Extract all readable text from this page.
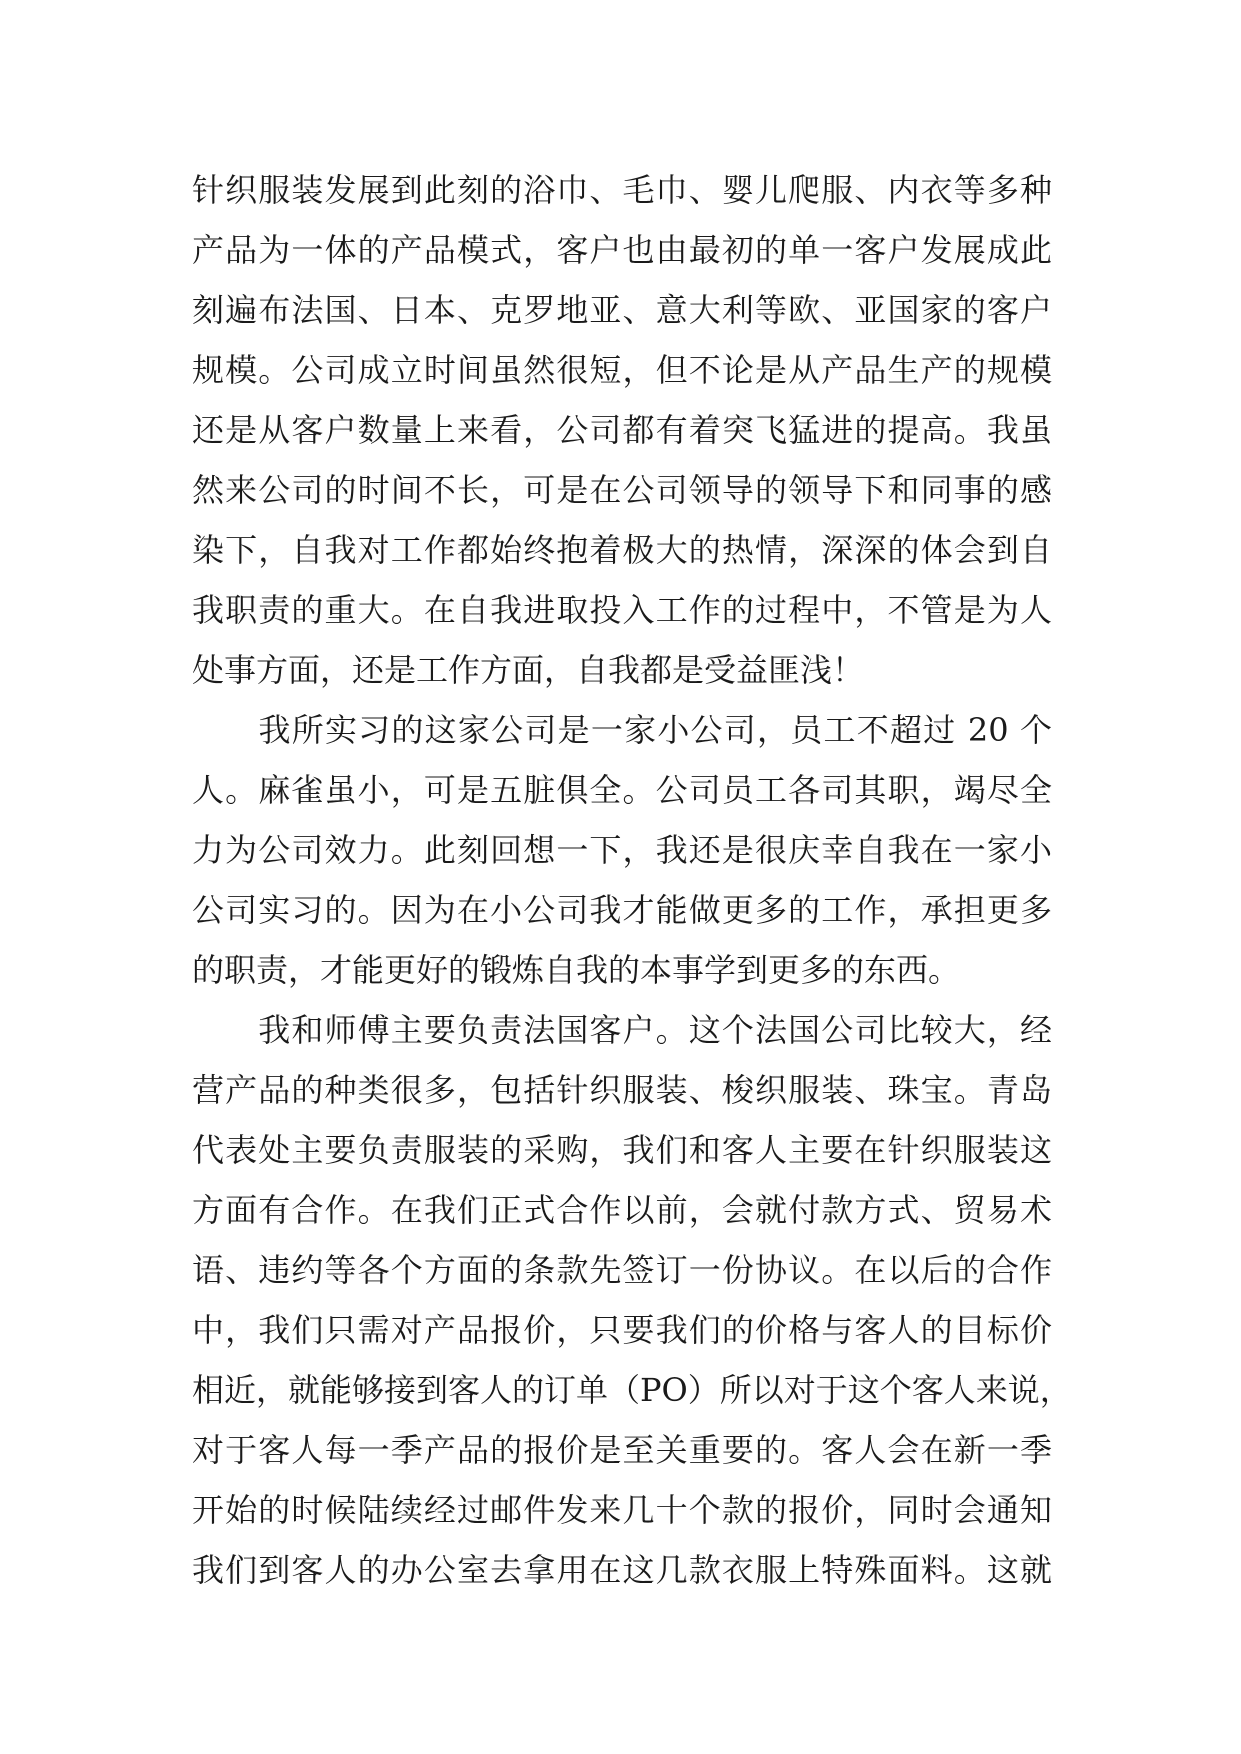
针织服装发展到此刻的浴巾、毛巾、婴儿爬服、内衣等多种
产品为一体的产品模式，客户也由最初的单一客户发展成此
刻遍布法国、日本、克罗地亚、意大利等欧、亚国家的客户
规模。公司成立时间虽然很短，但不论是从产品生产的规模
还是从客户数量上来看，公司都有着突飞猛进的提高。我虽
然来公司的时间不长，可是在公司领导的领导下和同事的感
染下，自我对工作都始终抱着极大的热情，深深的体会到自
我职责的重大。在自我进取投入工作的过程中，不管是为人
处事方面，还是工作方面，自我都是受益匪浅！
　　我所实习的这家公司是一家小公司，员工不超过 20 个
人。麻雀虽小，可是五脏俱全。公司员工各司其职，竭尽全
力为公司效力。此刻回想一下，我还是很庆幸自我在一家小
公司实习的。因为在小公司我才能做更多的工作，承担更多
的职责，才能更好的锻炼自我的本事学到更多的东西。
　　我和师傅主要负责法国客户。这个法国公司比较大，经
营产品的种类很多，包括针织服装、梭织服装、珠宝。青岛
代表处主要负责服装的采购，我们和客人主要在针织服装这
方面有合作。在我们正式合作以前，会就付款方式、贸易术
语、违约等各个方面的条款先签订一份协议。在以后的合作
中，我们只需对产品报价，只要我们的价格与客人的目标价
相近，就能够接到客人的订单（PO）所以对于这个客人来说，
对于客人每一季产品的报价是至关重要的。客人会在新一季
开始的时候陆续经过邮件发来几十个款的报价，同时会通知
我们到客人的办公室去拿用在这几款衣服上特殊面料。这就
